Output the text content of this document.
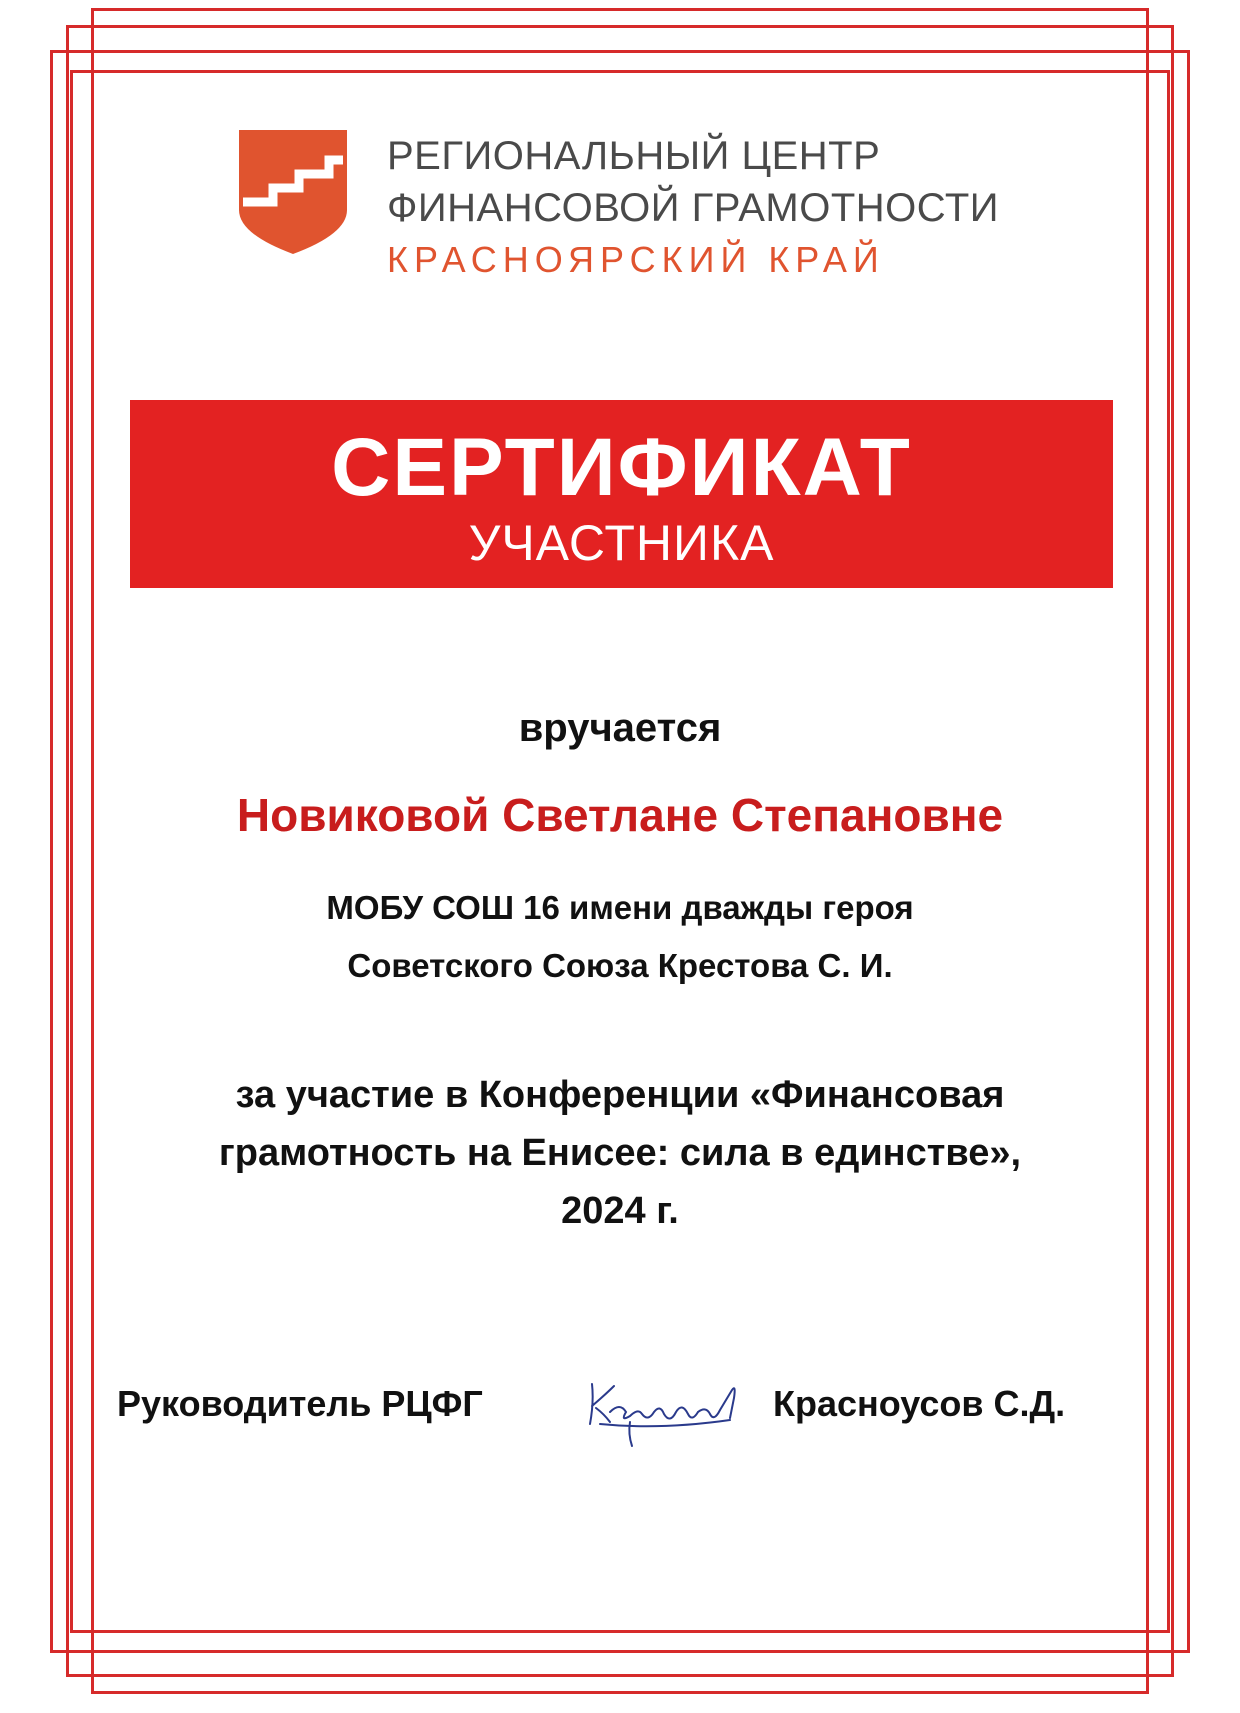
РЕГИОНАЛЬНЫЙ ЦЕНТР

ФИНАНСОВОЙ ГРАМОТНОСТИ

КРАСНОЯРСКИЙ КРАЙ

СЕРТИФИКАТ
УЧАСТНИКА

вручается

Новиковой Светлане Степановне

МОБУ СОШ 16 имени дважды героя
Советского Союза Крестова С. И.
за участие в Конференции «Финансовая
грамотность на Енисее: сила в единстве»,
2024 г.

Руководитель РЦФГ	Красноусов С.Д.
